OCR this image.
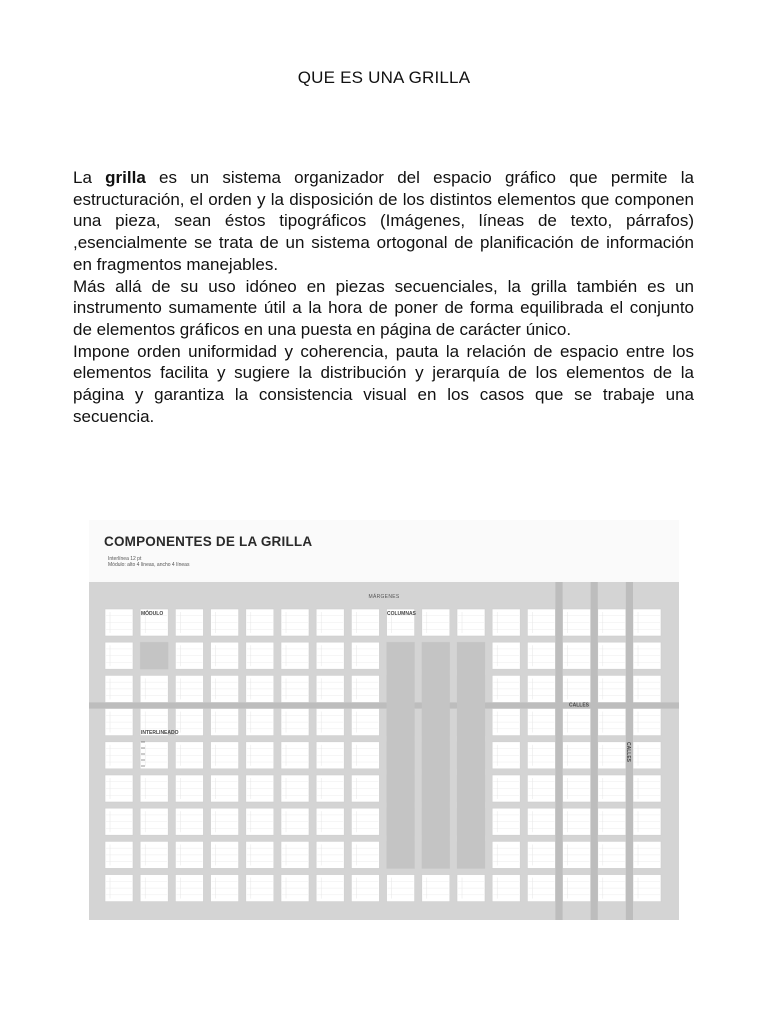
QUE ES UNA GRILLA

La grilla es un sistema organizador del espacio gráfico que permite la estructuración, el orden y la disposición de los distintos elementos que componen una pieza, sean éstos tipográficos (Imágenes, líneas de texto, párrafos) ,esencialmente se trata de un sistema ortogonal de planificación de información en fragmentos manejables.

Más allá de su uso idóneo en piezas secuenciales, la grilla también es un instrumento sumamente útil a la hora de poner de forma equilibrada el conjunto de elementos gráficos en una puesta en página de carácter único.

Impone orden uniformidad y coherencia, pauta la relación de espacio entre los elementos facilita y sugiere la distribución y jerarquía de los elementos de la página y garantiza la consistencia visual en los casos que se trabaje una secuencia.

COMPONENTES DE LA GRILLA
Interlínea 12 pt
Módulo: alto 4 líneas, ancho 4 líneas
MÁRGENES
MÓDULO	COLUMNAS
CALLES
INTERLINEADO
CALLES
